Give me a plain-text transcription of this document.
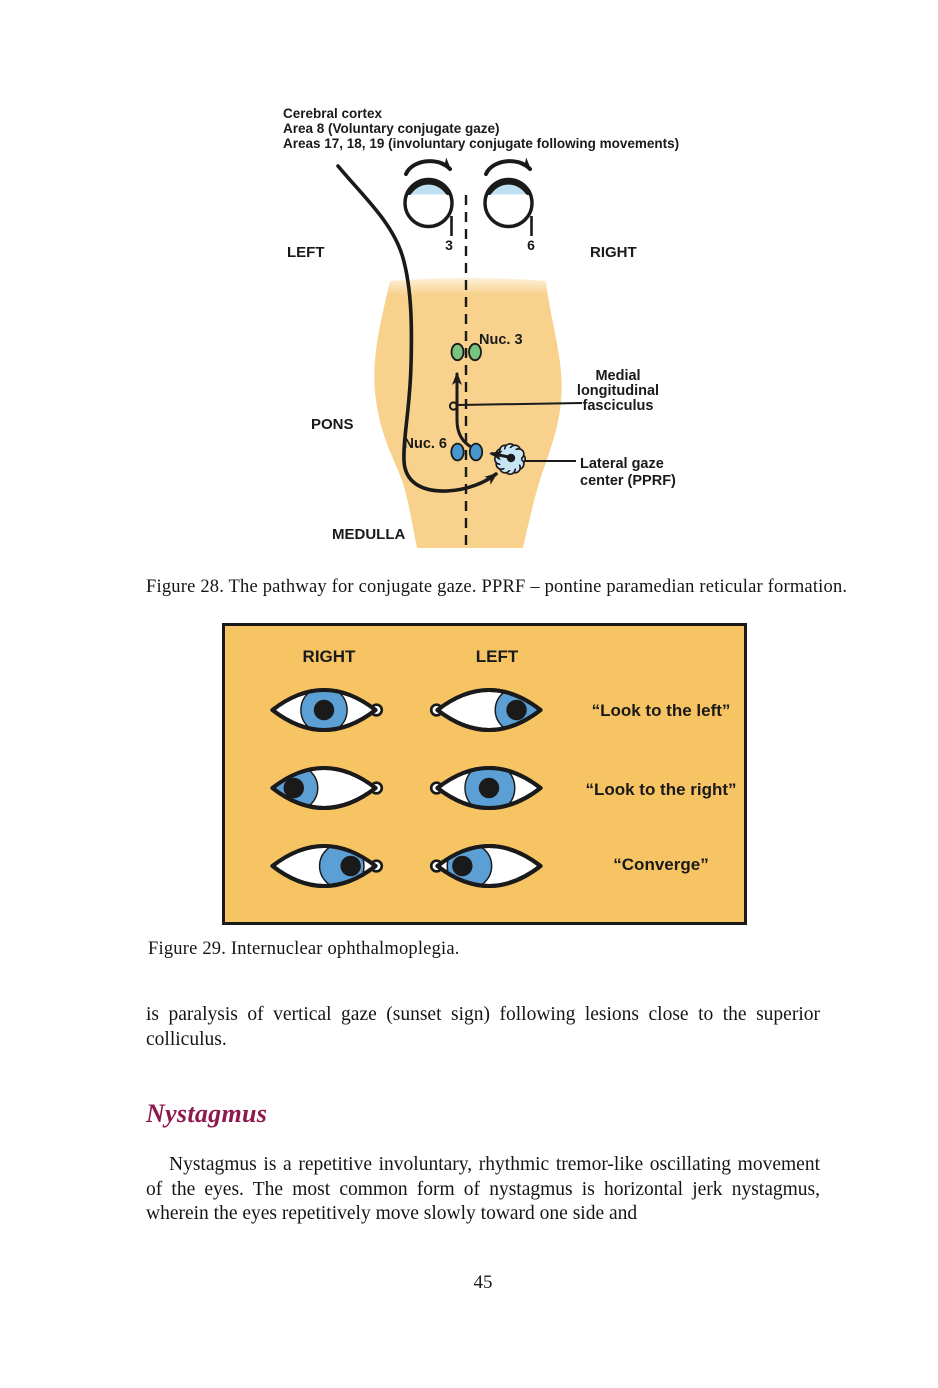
Cerebral cortex
Area 8 (Voluntary conjugate gaze)
Areas 17, 18, 19 (involuntary conjugate following movements)
LEFT	RIGHT
3	6
Nuc. 3
Nuc. 6
Medial
longitudinal
fasciculus
Lateral gaze
center (PPRF)
PONS
MEDULLA
Figure 28. The pathway for conjugate gaze. PPRF – pontine paramedian reticular formation.
RIGHT	LEFT
“Look to the left”
“Look to the right”
“Converge”
Figure 29. Internuclear ophthalmoplegia.
is paralysis of vertical gaze (sunset sign) following lesions close to the superior colliculus.
Nystagmus
Nystagmus is a repetitive involuntary, rhythmic tremor-like oscillating movement of the eyes. The most common form of nystagmus is horizontal jerk nystagmus, wherein the eyes repetitively move slowly toward one side and
45
